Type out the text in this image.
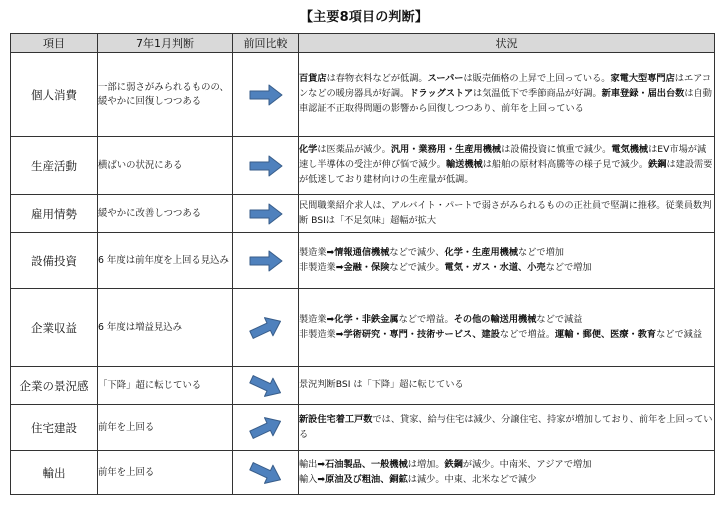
【主要8項目の判断】
項目	7年1月判断	前回比較	状況
個人消費	一部に弱さがみられるものの、緩やかに回復しつつある		百貨店は春物衣料などが低調。スーパーは販売価格の上昇で上回っている。家電大型専門店はエアコンなどの暖房器具が好調。ドラッグストアは気温低下で季節商品が好調。新車登録・届出台数は自動車認証不正取得問題の影響から回復しつつあり、前年を上回っている
生産活動	横ばいの状況にある		化学は医薬品が減少。汎用・業務用・生産用機械は設備投資に慎重で減少。電気機械はEV市場が減速し半導体の受注が伸び悩で減少。輸送機械は船舶の原材料高騰等の様子見で減少。鉄鋼は建設需要が低迷しており建材向けの生産量が低調。
雇用情勢	緩やかに改善しつつある		民間職業紹介求人は、アルバイト・パートで弱さがみられるものの正社員で堅調に推移。従業員数判断 BSIは「不足気味」超幅が拡大
設備投資	6 年度は前年度を上回る見込み		製造業➡情報通信機械などで減少、化学・生産用機械などで増加
非製造業➡金融・保険などで減少。電気・ガス・水道、小売などで増加

企業収益	6 年度は増益見込み		製造業➡化学・非鉄金属などで増益。その他の輸送用機械などで減益
非製造業➡学術研究・専門・技術サービス、建設などで増益。運輸・郵便、医療・教育などで減益

企業の景況感	「下降」超に転じている		景況判断BSI は「下降」超に転じている
住宅建設	前年を上回る		新設住宅着工戸数では、貸家、給与住宅は減少、分譲住宅、持家が増加しており、前年を上回っている
輸出	前年を上回る		輸出➡石油製品、一般機械は増加。鉄鋼が減少。中南米、アジアで増加
輸入➡原油及び粗油、銅鉱は減少。中東、北米などで減少
